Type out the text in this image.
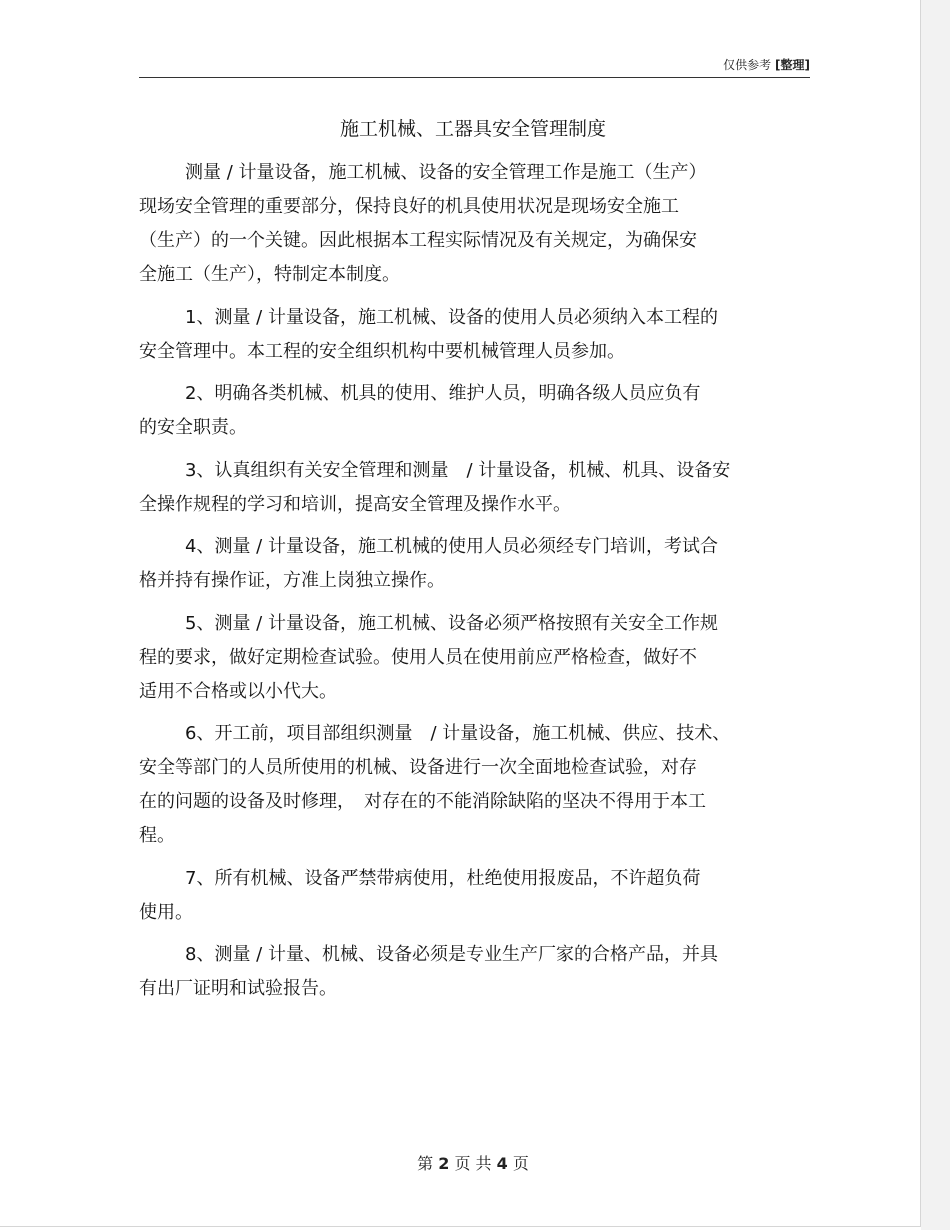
仅供参考 [整理]
施工机械、工器具安全管理制度

测量 / 计量设备，施工机械、设备的安全管理工作是施工（生产）
现场安全管理的重要部分，保持良好的机具使用状况是现场安全施工
（生产）的一个关键。因此根据本工程实际情况及有关规定，为确保安
全施工（生产），特制定本制度。

1、测量 / 计量设备，施工机械、设备的使用人员必须纳入本工程的
安全管理中。本工程的安全组织机构中要机械管理人员参加。

2、明确各类机械、机具的使用、维护人员，明确各级人员应负有
的安全职责。

3、认真组织有关安全管理和测量　/ 计量设备，机械、机具、设备安
全操作规程的学习和培训，提高安全管理及操作水平。

4、测量 / 计量设备，施工机械的使用人员必须经专门培训，考试合
格并持有操作证，方准上岗独立操作。

5、测量 / 计量设备，施工机械、设备必须严格按照有关安全工作规
程的要求，做好定期检查试验。使用人员在使用前应严格检查，做好不
适用不合格或以小代大。

6、开工前，项目部组织测量　/ 计量设备，施工机械、供应、技术、
安全等部门的人员所使用的机械、设备进行一次全面地检查试验，对存
在的问题的设备及时修理，　对存在的不能消除缺陷的坚决不得用于本工
程。

7、所有机械、设备严禁带病使用，杜绝使用报废品，不许超负荷
使用。

8、测量 / 计量、机械、设备必须是专业生产厂家的合格产品，并具
有出厂证明和试验报告。

第 2 页 共 4 页
